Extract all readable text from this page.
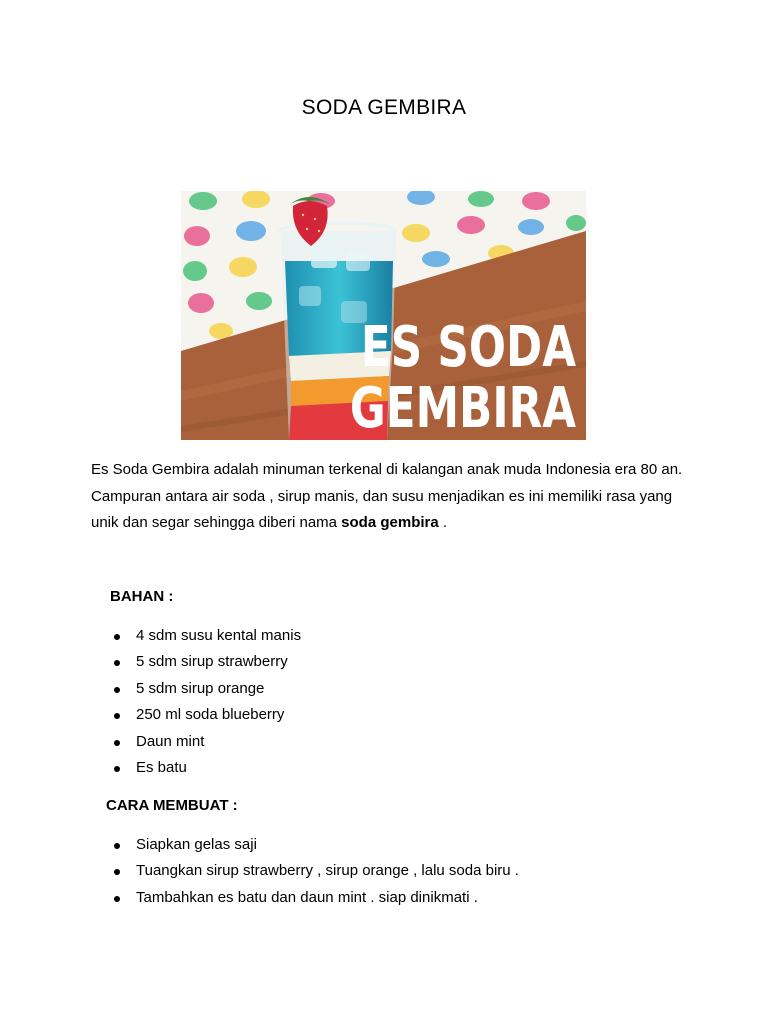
SODA GEMBIRA
ES SODA
GEMBIRA

Es Soda Gembira adalah minuman terkenal di kalangan anak muda Indonesia era 80 an. Campuran antara air soda , sirup manis, dan susu menjadikan es ini memiliki rasa yang unik dan segar sehingga diberi nama soda gembira .

BAHAN :
4 sdm susu kental manis
5 sdm sirup strawberry
5 sdm sirup orange
250 ml soda blueberry
Daun mint
Es batu
CARA MEMBUAT :
Siapkan gelas saji
Tuangkan sirup strawberry , sirup orange , lalu soda biru .
Tambahkan es batu dan daun mint . siap dinikmati .
